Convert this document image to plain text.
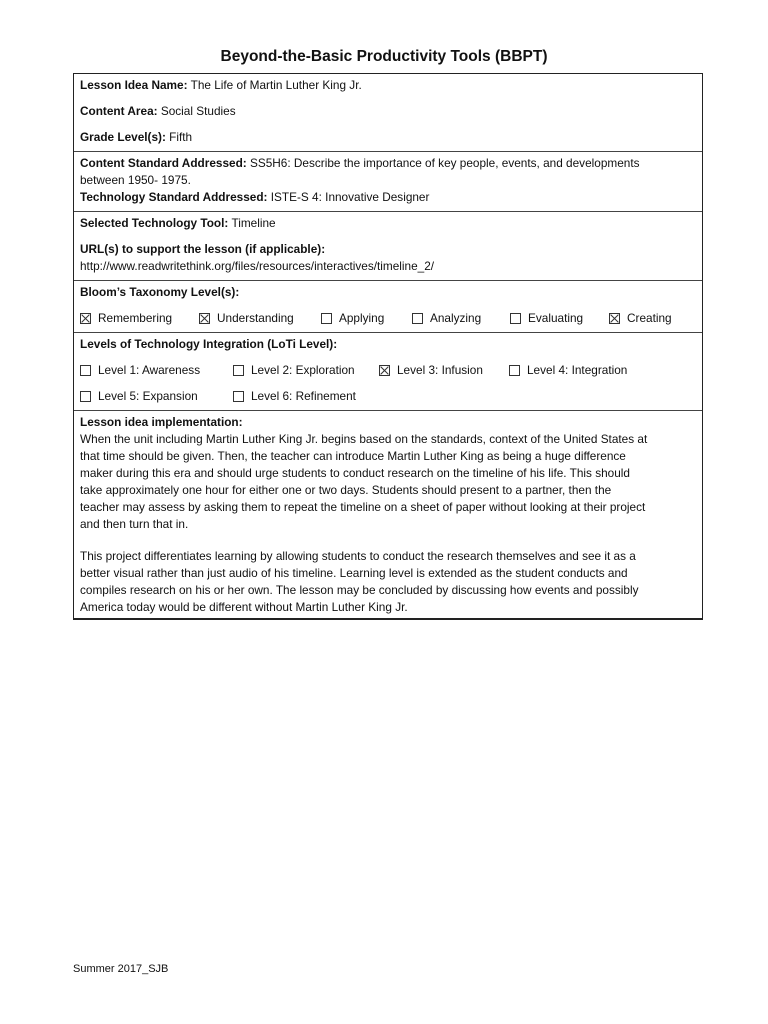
Beyond-the-Basic Productivity Tools (BBPT)
Lesson Idea Name: The Life of Martin Luther King Jr.
Content Area: Social Studies
Grade Level(s): Fifth
Content Standard Addressed: SS5H6: Describe the importance of key people, events, and developments
between 1950- 1975.
Technology Standard Addressed: ISTE-S 4: Innovative Designer
Selected Technology Tool: Timeline
URL(s) to support the lesson (if applicable):
http://www.readwritethink.org/files/resources/interactives/timeline_2/
Bloom’s Taxonomy Level(s):
Remembering	Understanding	Applying	Analyzing	Evaluating	Creating
Levels of Technology Integration (LoTi Level):
Level 1: Awareness	Level 2: Exploration	Level 3: Infusion	Level 4: Integration
Level 5: Expansion	Level 6: Refinement
Lesson idea implementation:
When the unit including Martin Luther King Jr. begins based on the standards, context of the United States at
that time should be given. Then, the teacher can introduce Martin Luther King as being a huge difference
maker during this era and should urge students to conduct research on the timeline of his life. This should
take approximately one hour for either one or two days. Students should present to a partner, then the
teacher may assess by asking them to repeat the timeline on a sheet of paper without looking at their project
and then turn that in.
This project differentiates learning by allowing students to conduct the research themselves and see it as a
better visual rather than just audio of his timeline. Learning level is extended as the student conducts and
compiles research on his or her own. The lesson may be concluded by discussing how events and possibly
America today would be different without Martin Luther King Jr.
Summer 2017_SJB
